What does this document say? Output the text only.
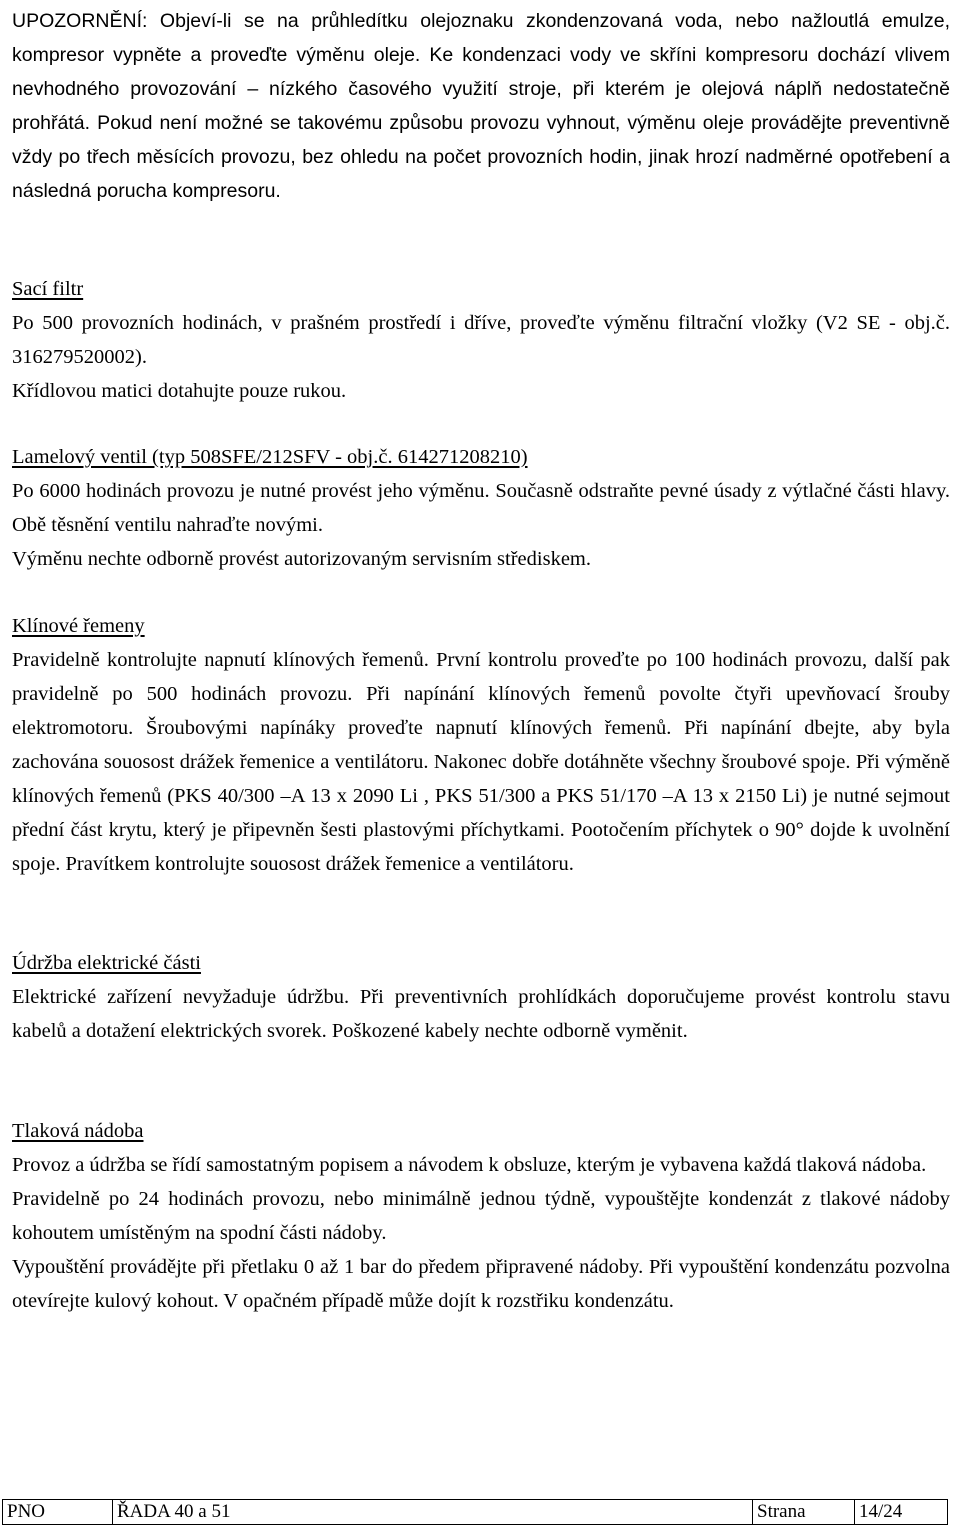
UPOZORNĚNÍ: Objeví-li se na průhledítku olejoznaku zkondenzovaná voda, nebo nažloutlá emulze, kompresor vypněte a proveďte výměnu oleje. Ke kondenzaci vody ve skříni kompresoru dochází vlivem nevhodného provozování – nízkého časového využití stroje, při kterém je olejová náplň nedostatečně prohřátá. Pokud není možné se takovému způsobu provozu vyhnout, výměnu oleje provádějte preventivně vždy po třech měsících provozu, bez ohledu na počet provozních hodin, jinak hrozí nadměrné opotřebení a následná porucha kompresoru.

Sací filtr

Po 500 provozních hodinách, v prašném prostředí i dříve, proveďte výměnu filtrační vložky (V2 SE - obj.č. 316279520002).

Křídlovou matici dotahujte pouze rukou.

Lamelový ventil (typ 508SFE/212SFV - obj.č. 614271208210)

Po 6000 hodinách provozu je nutné provést jeho výměnu. Současně odstraňte pevné úsady z výtlačné části hlavy. Obě těsnění ventilu nahraďte novými.

Výměnu nechte odborně provést autorizovaným servisním střediskem.

Klínové řemeny

Pravidelně kontrolujte napnutí klínových řemenů. První kontrolu proveďte po 100 hodinách provozu, další pak pravidelně po 500 hodinách provozu. Při napínání klínových řemenů povolte čtyři upevňovací šrouby elektromotoru. Šroubovými napínáky proveďte napnutí klínových řemenů. Při napínání dbejte, aby byla zachována souosost drážek řemenice a ventilátoru. Nakonec dobře dotáhněte všechny šroubové spoje. Při výměně klínových řemenů (PKS 40/300 –A 13 x 2090 Li , PKS 51/300 a PKS 51/170 –A 13 x 2150 Li) je nutné sejmout přední část krytu, který je připevněn šesti plastovými příchytkami. Pootočením příchytek o 90° dojde k uvolnění spoje. Pravítkem kontrolujte souosost drážek řemenice a ventilátoru.

Údržba elektrické části

Elektrické zařízení nevyžaduje údržbu. Při preventivních prohlídkách doporučujeme provést kontrolu stavu kabelů a dotažení elektrických svorek. Poškozené kabely nechte odborně vyměnit.

Tlaková nádoba

Provoz a údržba se řídí samostatným popisem a návodem k obsluze, kterým je vybavena každá tlaková nádoba.

Pravidelně po 24 hodinách provozu, nebo minimálně jednou týdně, vypouštějte kondenzát z tlakové nádoby kohoutem umístěným na spodní části nádoby.

Vypouštění provádějte při přetlaku 0 až 1 bar do předem připravené nádoby. Při vypouštění kondenzátu pozvolna otevírejte kulový kohout. V opačném případě může dojít k rozstřiku kondenzátu.

PNO	ŘADA 40 a 51	Strana	14/24
